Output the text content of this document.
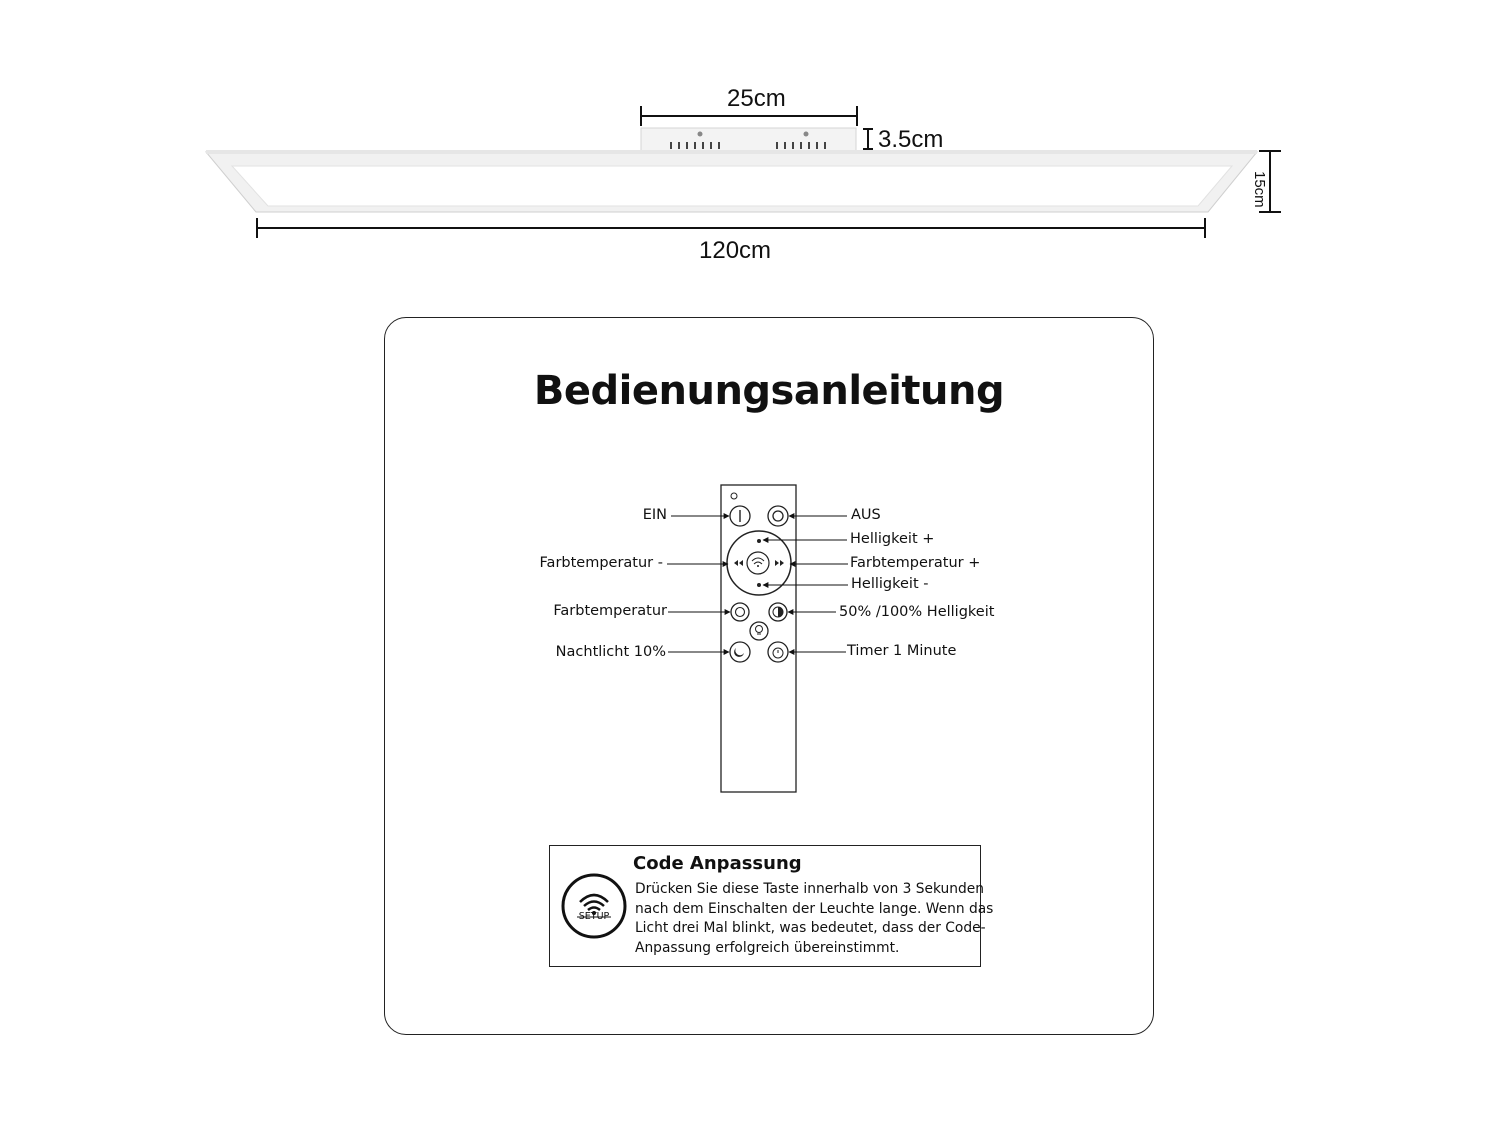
25cm
3.5cm
15cm
120cm
Bedienungsanleitung
EIN	AUS
Helligkeit +
Farbtemperatur -	Farbtemperatur +
Helligkeit -
Farbtemperatur	50% /100% Helligkeit
Nachtlicht 10%	Timer 1 Minute
SETUP
Code Anpassung
Drücken Sie diese Taste innerhalb von 3 Sekunden
nach dem Einschalten der Leuchte lange. Wenn das
Licht drei Mal blinkt, was bedeutet, dass der Code-
Anpassung erfolgreich übereinstimmt.
